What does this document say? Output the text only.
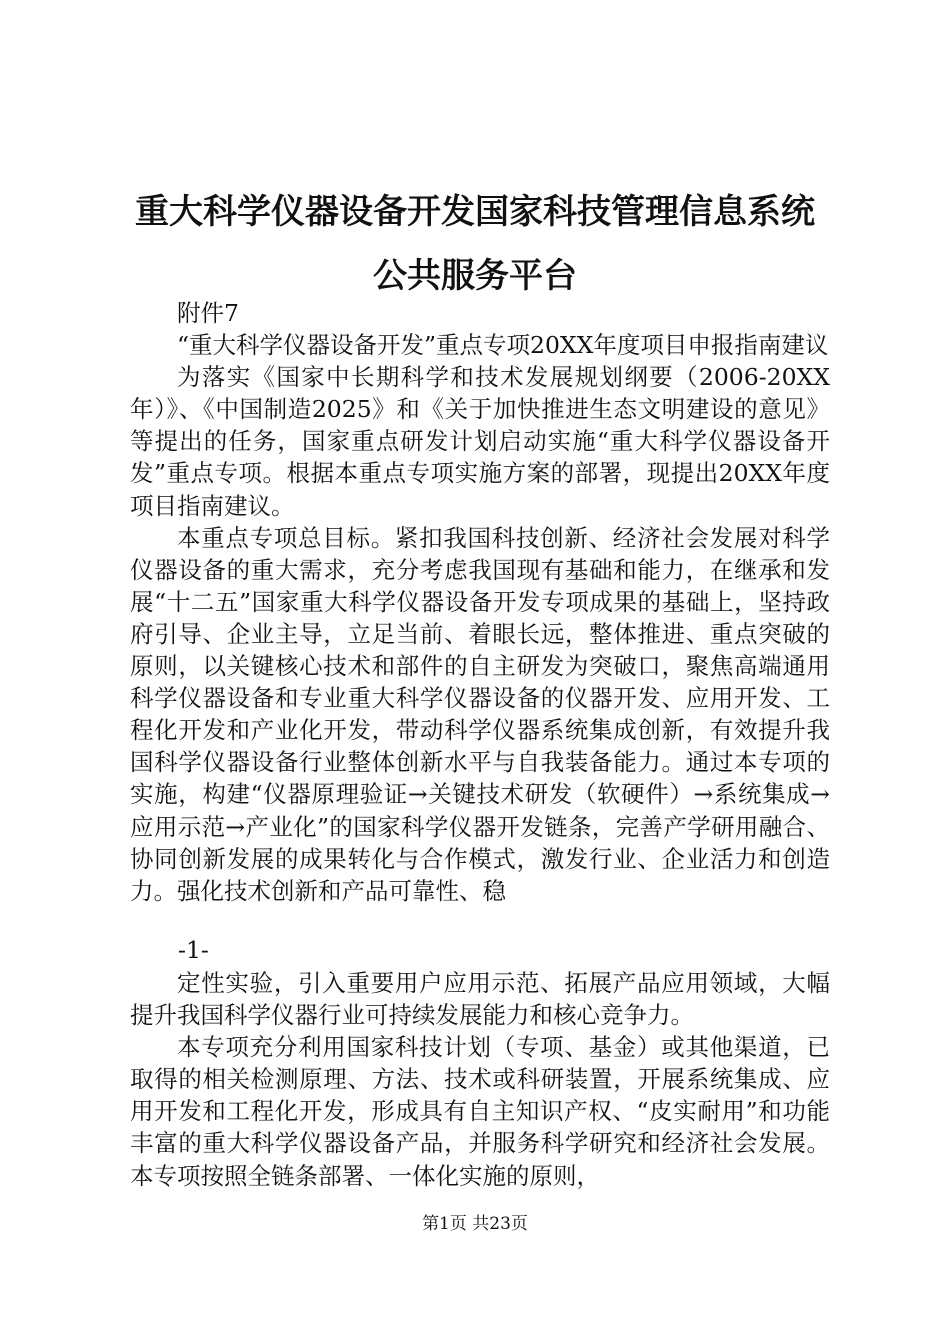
重大科学仪器设备开发国家科技管理信息系统
公共服务平台

附件7

“重大科学仪器设备开发”重点专项20XX年度项目申报指南建议

为落实《国家中长期科学和技术发展规划纲要（2006-20XX年）》、《中国制造2025》和《关于加快推进生态文明建设的意见》等提出的任务，国家重点研发计划启动实施“重大科学仪器设备开发”重点专项。根据本重点专项实施方案的部署，现提出20XX年度项目指南建议。

本重点专项总目标。紧扣我国科技创新、经济社会发展对科学仪器设备的重大需求，充分考虑我国现有基础和能力，在继承和发展“十二五”国家重大科学仪器设备开发专项成果的基础上，坚持政府引导、企业主导，立足当前、着眼长远，整体推进、重点突破的原则，以关键核心技术和部件的自主研发为突破口，聚焦高端通用科学仪器设备和专业重大科学仪器设备的仪器开发、应用开发、工程化开发和产业化开发，带动科学仪器系统集成创新，有效提升我国科学仪器设备行业整体创新水平与自我装备能力。通过本专项的实施，构建“仪器原理验证→关键技术研发（软硬件）→系统集成→应用示范→产业化”的国家科学仪器开发链条，完善产学研用融合、协同创新发展的成果转化与合作模式，激发行业、企业活力和创造力。强化技术创新和产品可靠性、稳

-1-

定性实验，引入重要用户应用示范、拓展产品应用领域，大幅提升我国科学仪器行业可持续发展能力和核心竞争力。

本专项充分利用国家科技计划（专项、基金）或其他渠道，已取得的相关检测原理、方法、技术或科研装置，开展系统集成、应用开发和工程化开发，形成具有自主知识产权、“皮实耐用”和功能丰富的重大科学仪器设备产品，并服务科学研究和经济社会发展。本专项按照全链条部署、一体化实施的原则，

第1页 共23页
